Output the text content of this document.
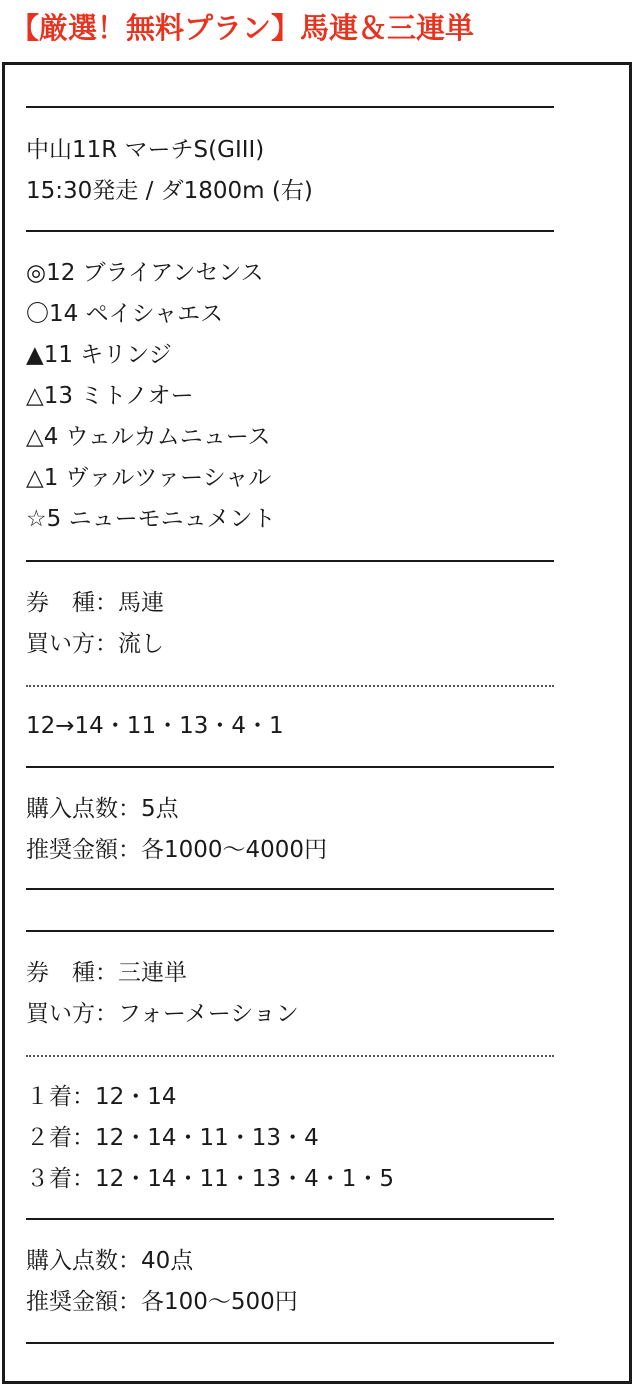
【厳選！無料プラン】馬連＆三連単
中山11R マーチS(GIII)
15:30発走 / ダ1800m (右)
◎12 ブライアンセンス
〇14 ペイシャエス
▲11 キリンジ
△13 ミトノオー
△4 ウェルカムニュース
△1 ヴァルツァーシャル
☆5 ニューモニュメント
券　種：馬連
買い方：流し
12→14・11・13・4・1
購入点数：5点
推奨金額：各1000～4000円
券　種：三連単
買い方：フォーメーション
１着：12・14
２着：12・14・11・13・4
３着：12・14・11・13・4・1・5
購入点数：40点
推奨金額：各100～500円
